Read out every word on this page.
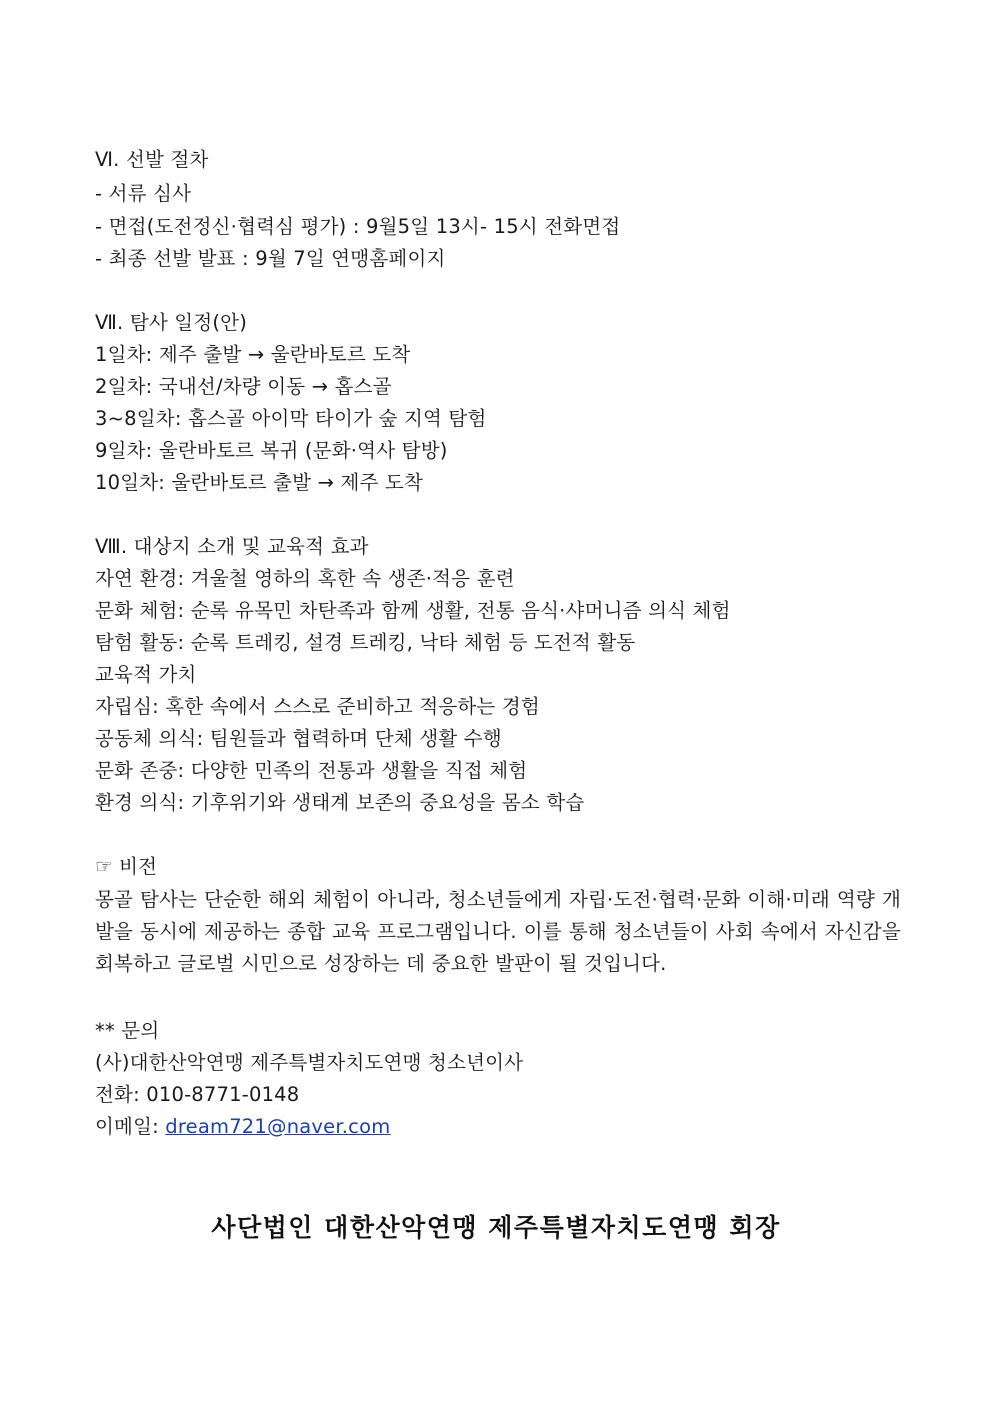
Ⅵ. 선발 절차
- 서류 심사
- 면접(도전정신·협력심 평가) : 9월5일 13시- 15시 전화면접
- 최종 선발 발표 : 9월 7일 연맹홈페이지
Ⅶ. 탐사 일정(안)
1일차: 제주 출발 → 울란바토르 도착
2일차: 국내선/차량 이동 → 홉스골
3~8일차: 홉스골 아이막 타이가 숲 지역 탐험
9일차: 울란바토르 복귀 (문화·역사 탐방)
10일차: 울란바토르 출발 → 제주 도착
Ⅷ. 대상지 소개 및 교육적 효과
자연 환경: 겨울철 영하의 혹한 속 생존·적응 훈련
문화 체험: 순록 유목민 차탄족과 함께 생활, 전통 음식·샤머니즘 의식 체험
탐험 활동: 순록 트레킹, 설경 트레킹, 낙타 체험 등 도전적 활동
교육적 가치
자립심: 혹한 속에서 스스로 준비하고 적응하는 경험
공동체 의식: 팀원들과 협력하며 단체 생활 수행
문화 존중: 다양한 민족의 전통과 생활을 직접 체험
환경 의식: 기후위기와 생태계 보존의 중요성을 몸소 학습
☞ 비전
몽골 탐사는 단순한 해외 체험이 아니라, 청소년들에게 자립·도전·협력·문화 이해·미래 역량 개발을 동시에 제공하는 종합 교육 프로그램입니다. 이를 통해 청소년들이 사회 속에서 자신감을 회복하고 글로벌 시민으로 성장하는 데 중요한 발판이 될 것입니다.
** 문의
(사)대한산악연맹 제주특별자치도연맹 청소년이사
전화: 010-8771-0148
이메일: dream721@naver.com
사단법인 대한산악연맹 제주특별자치도연맹 회장
